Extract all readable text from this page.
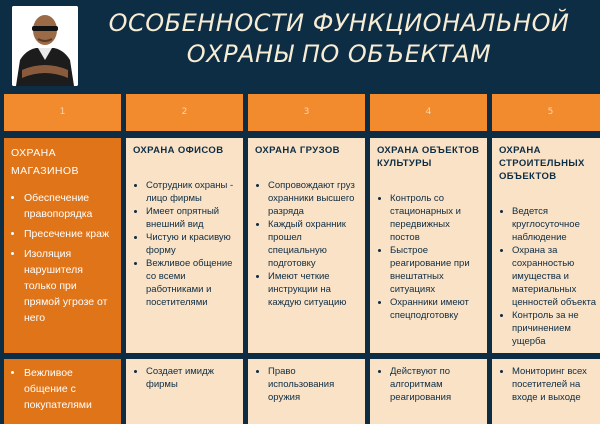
ОСОБЕННОСТИ ФУНКЦИОНАЛЬНОЙ ОХРАНЫ ПО ОБЪЕКТАМ
1
ОХРАНА МАГАЗИНОВ
• Обеспечение правопорядка
• Пресечение краж
• Изоляция нарушителя только при прямой угрозе от него
• Вежливое общение с покупателями
2
ОХРАНА ОФИСОВ
• Сотрудник охраны - лицо фирмы
• Имеет опрятный внешний вид
• Чистую и красивую форму
• Вежливое общение со всеми работниками и посетителями
• Создает имидж фирмы
3
ОХРАНА ГРУЗОВ
• Сопровождают груз охранники высшего разряда
• Каждый охранник прошел специальную подготовку
• Имеют четкие инструкции на каждую ситуацию
• Право использования оружия
4
ОХРАНА ОБЪЕКТОВ КУЛЬТУРЫ
• Контроль со стационарных и передвижных постов
• Быстрое реагирование при внештатных ситуациях
• Охранники имеют спецподготовку
• Действуют по алгоритмам реагирования
5
ОХРАНА СТРОИТЕЛЬНЫХ ОБЪЕКТОВ
• Ведется круглосуточное наблюдение
• Охрана за сохранностью имущества и материальных ценностей объекта
• Контроль за не причинением ущерба
• Мониторинг всех посетителей на входе и выходе
